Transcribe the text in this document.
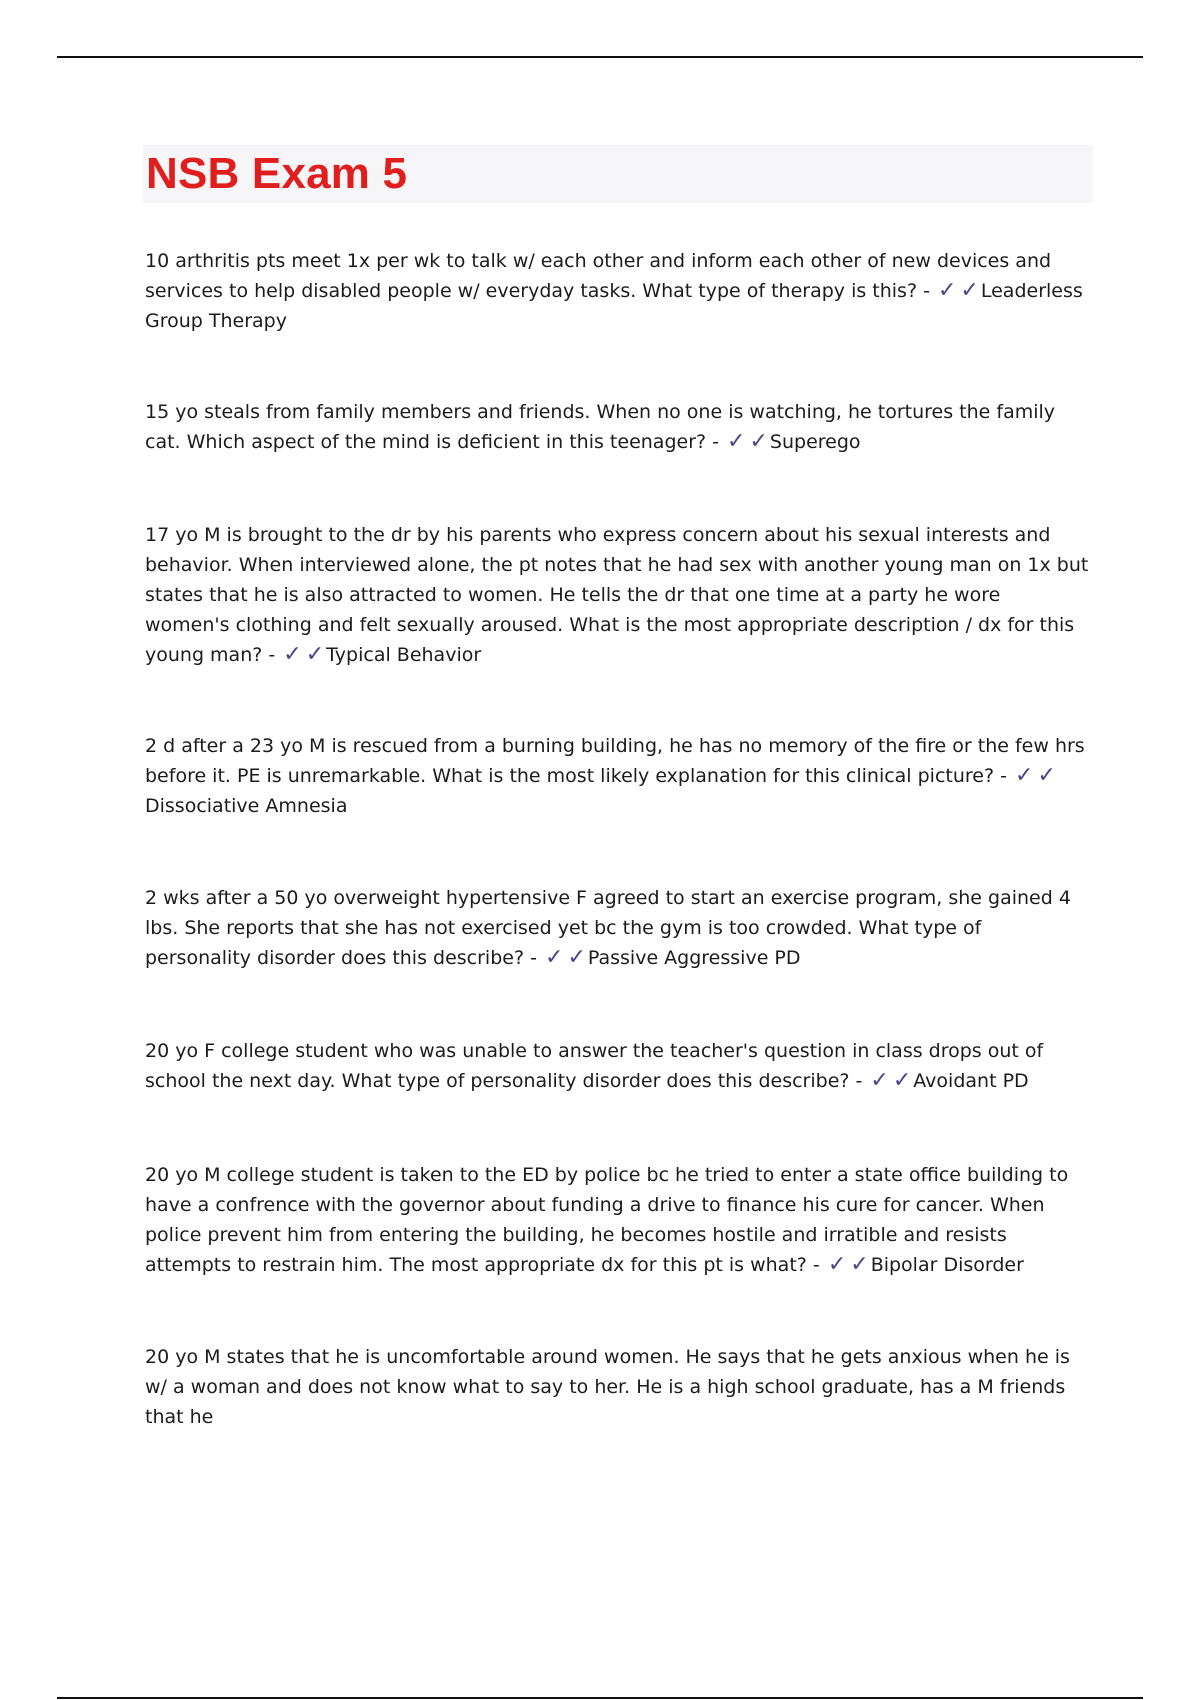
NSB Exam 5

10 arthritis pts meet 1x per wk to talk w/ each other and inform each other of new devices and services to help disabled people w/ everyday tasks. What type of therapy is this? - ✓ ✓ Leaderless Group Therapy

15 yo steals from family members and friends. When no one is watching, he tortures the family cat. Which aspect of the mind is deficient in this teenager? - ✓ ✓ Superego

17 yo M is brought to the dr by his parents who express concern about his sexual interests and behavior. When interviewed alone, the pt notes that he had sex with another young man on 1x but states that he is also attracted to women. He tells the dr that one time at a party he wore women's clothing and felt sexually aroused. What is the most appropriate description / dx for this young man? - ✓ ✓ Typical Behavior

2 d after a 23 yo M is rescued from a burning building, he has no memory of the fire or the few hrs before it. PE is unremarkable. What is the most likely explanation for this clinical picture? - ✓ ✓Dissociative Amnesia

2 wks after a 50 yo overweight hypertensive F agreed to start an exercise program, she gained 4 lbs. She reports that she has not exercised yet bc the gym is too crowded. What type of personality disorder does this describe? - ✓ ✓ Passive Aggressive PD

20 yo F college student who was unable to answer the teacher's question in class drops out of school the next day. What type of personality disorder does this describe? - ✓ ✓ Avoidant PD

20 yo M college student is taken to the ED by police bc he tried to enter a state office building to have a confrence with the governor about funding a drive to finance his cure for cancer. When police prevent him from entering the building, he becomes hostile and irratible and resists attempts to restrain him. The most appropriate dx for this pt is what? - ✓ ✓ Bipolar Disorder

20 yo M states that he is uncomfortable around women. He says that he gets anxious when he is w/ a woman and does not know what to say to her. He is a high school graduate, has a M friends that he
